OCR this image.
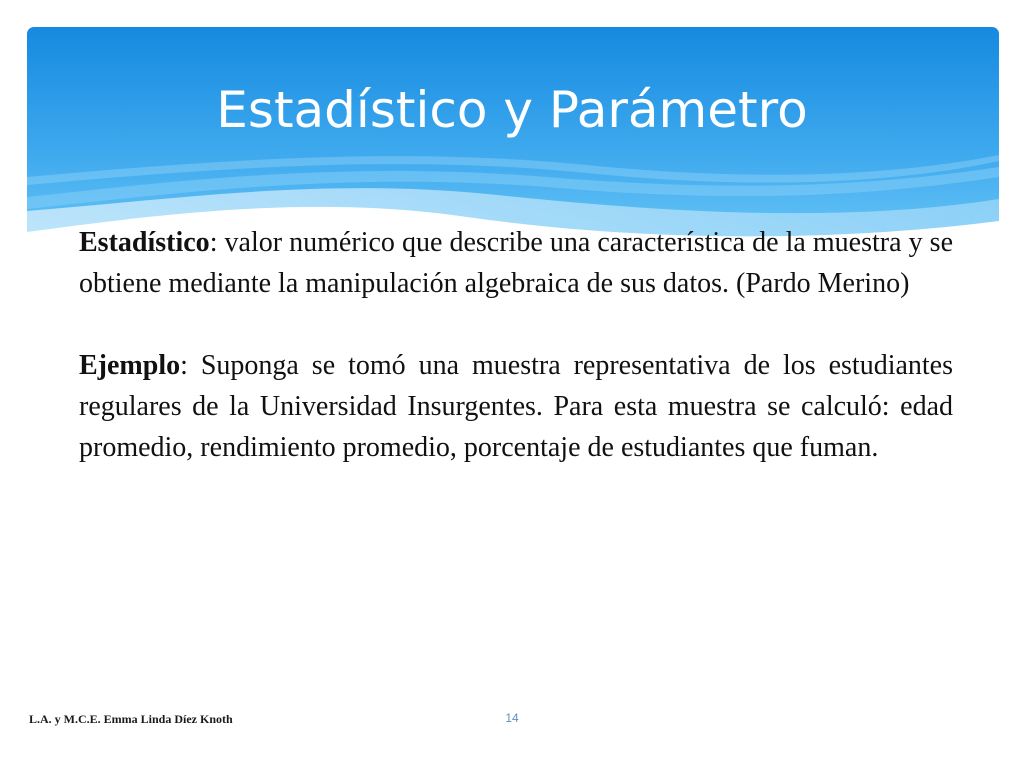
Estadístico y Parámetro

Estadístico: valor numérico que describe una característica de la muestra y se obtiene mediante la manipulación algebraica de sus datos. (Pardo Merino)

Ejemplo: Suponga se tomó una muestra representativa de los estudiantes regulares de la Universidad Insurgentes. Para esta muestra se calculó: edad promedio, rendimiento promedio, porcentaje de estudiantes que fuman.

L.A. y M.C.E. Emma Linda Díez Knoth	14
